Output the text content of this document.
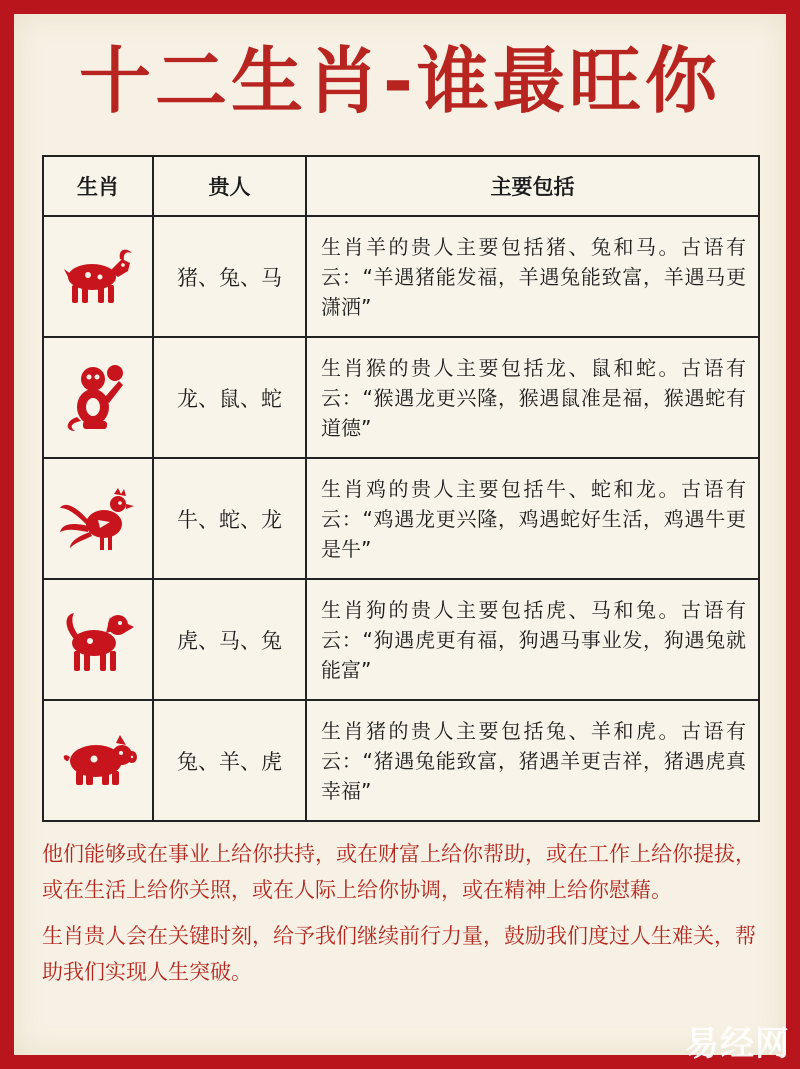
十二生肖-谁最旺你
生肖	贵人	主要包括

	猪、兔、马	生肖羊的贵人主要包括猪、兔和马。古语有云：“羊遇猪能发福，羊遇兔能致富，羊遇马更潇洒”

	龙、鼠、蛇	生肖猴的贵人主要包括龙、鼠和蛇。古语有云：“猴遇龙更兴隆，猴遇鼠准是福，猴遇蛇有道德”

	牛、蛇、龙	生肖鸡的贵人主要包括牛、蛇和龙。古语有云：“鸡遇龙更兴隆，鸡遇蛇好生活，鸡遇牛更是牛”

	虎、马、兔	生肖狗的贵人主要包括虎、马和兔。古语有云：“狗遇虎更有福，狗遇马事业发，狗遇兔就能富”

	兔、羊、虎	生肖猪的贵人主要包括兔、羊和虎。古语有云：“猪遇兔能致富，猪遇羊更吉祥，猪遇虎真幸福”
他们能够或在事业上给你扶持，或在财富上给你帮助，或在工作上给你提拔，或在生活上给你关照，或在人际上给你协调，或在精神上给你慰藉。
生肖贵人会在关键时刻，给予我们继续前行力量，鼓励我们度过人生难关，帮助我们实现人生突破。
易经网
